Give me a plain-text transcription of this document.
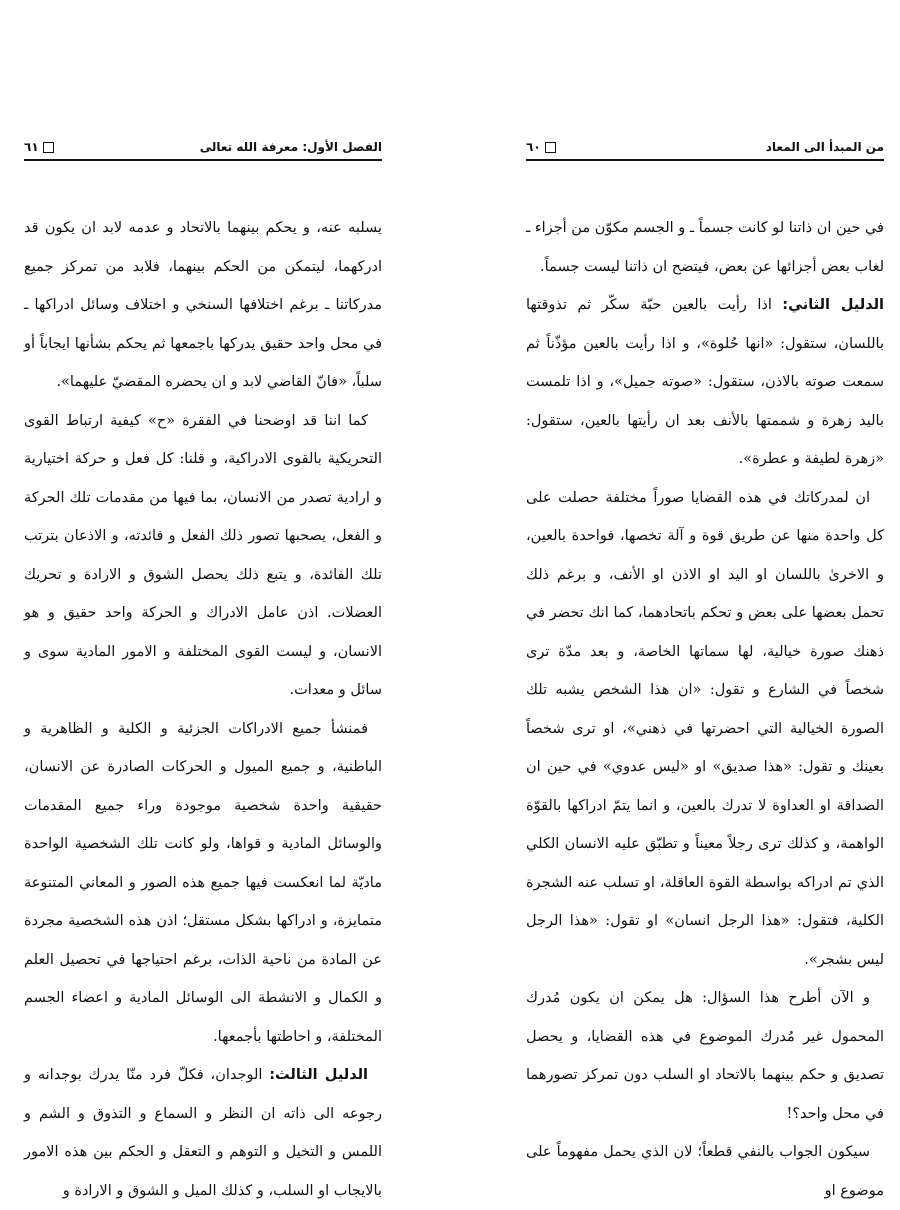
الفصل الأول: معرفة الله تعالى
٦١

يسلبه عنه، و يحكم بينهما بالاتحاد و عدمه لابد ان يكون قد ادركهما، ليتمكن من الحكم بينهما، فلابد من تمركز جميع مدركاتنا ـ برغم اختلافها السنخي و اختلاف وسائل ادراكها ـ في محل واحد حقيق يدركها باجمعها ثم يحكم بشأنها ايجاباً أو سلباً، «فانّ القاضي لابد و ان يحضره المقضيّ عليهما».

كما اننا قد اوضحنا في الفقرة «ح» كيفية ارتباط القوى التحريكية بالقوى الادراكية، و قلنا: كل فعل و حركة اختيارية و ارادية تصدر من الانسان، بما فيها من مقدمات تلك الحركة و الفعل، يصحبها تصور ذلك الفعل و فائدته، و الاذعان بترتب تلك الفائدة، و يتبع ذلك يحصل الشوق و الارادة و تحريك العضلات. اذن عامل الادراك و الحركة واحد حقيق و هو الانسان، و ليست القوى المختلفة و الامور المادية سوى و سائل و معدات.

فمنشأ جميع الادراكات الجزئية و الكلية و الظاهرية و الباطنية، و جميع الميول و الحركات الصادرة عن الانسان، حقيقية واحدة شخصية موجودة وراء جميع المقدمات والوسائل المادية و قواها، ولو كانت تلك الشخصية الواحدة ماديّة لما انعكست فيها جميع هذه الصور و المعاني المتنوعة متمايزة، و ادراكها بشكل مستقل؛ اذن هذه الشخصية مجردة عن المادة من ناحية الذات، برغم احتياجها في تحصيل العلم و الكمال و الانشطة الى الوسائل المادية و اعضاء الجسم المختلفة، و احاطتها بأجمعها.

الدليل الثالث: الوجدان، فكلّ فرد منّا يدرك بوجدانه و رجوعه الى ذاته ان النظر و السماع و التذوق و الشم و اللمس و التخيل و التوهم و التعقل و الحكم بين هذه الامور بالايجاب او السلب، و كذلك الميل و الشوق و الارادة و

من المبدأ الى المعاد
٦٠

في حين ان ذاتنا لو كانت جسماً ـ و الجسم مكوّن من أجزاء ـ لغاب بعض أجزائها عن بعض، فيتضح ان ذاتنا ليست جسماً.

الدليل الثاني: اذا رأيت بالعين حبّة سكّر ثم تذوقتها باللسان، ستقول: «انها حُلوة»، و اذا رأيت بالعين مؤذّناً ثم سمعت صوته بالاذن، ستقول: «صوته جميل»، و اذا تلمست باليد زهرة و شممتها بالأنف بعد ان رأيتها بالعين، ستقول: «زهرة لطيفة و عطرة».

ان لمدركاتك في هذه القضايا صوراً مختلفة حصلت على كل واحدة منها عن طريق قوة و آلة تخصها، فواحدة بالعين، و الاخرىٰ باللسان او اليد او الاذن او الأنف، و برغم ذلك تحمل بعضها على بعض و تحكم باتحادهما، كما انك تحضر في ذهنك صورة خيالية، لها سماتها الخاصة، و بعد مدّة ترى شخصاً في الشارع و تقول: «ان هذا الشخص يشبه تلك الصورة الخيالية التي احضرتها في ذهني»، او ترى شخصاً بعينك و تقول: «هذا صديق» او «ليس عدوي» في حين ان الصداقة او العداوة لا تدرك بالعين، و انما يتمّ ادراكها بالقوّة الواهمة، و كذلك ترى رجلاً معيناً و تطبّق عليه الانسان الكلي الذي تم ادراكه بواسطة القوة العاقلة، او تسلب عنه الشجرة الكلية، فتقول: «هذا الرجل انسان» او تقول: «هذا الرجل ليس بشجر».

و الآن أطرح هذا السؤال: هل يمكن ان يكون مُدرك المحمول غير مُدرك الموضوع في هذه القضايا، و يحصل تصديق و حكم بينهما بالاتحاد او السلب دون تمركز تصورهما في محل واحد؟!

سيكون الجواب بالنفي قطعاً؛ لان الذي يحمل مفهوماً على موضوع او
